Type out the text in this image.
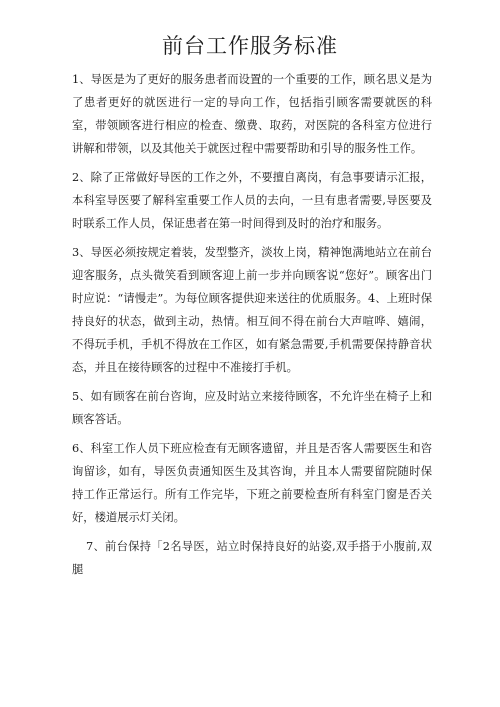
前台工作服务标准

1、导医是为了更好的服务患者而设置的一个重要的工作，顾名思义是为了患者更好的就医进行一定的导向工作，包括指引顾客需要就医的科室，带领顾客进行相应的检查、缴费、取药，对医院的各科室方位进行讲解和带领，以及其他关于就医过程中需要帮助和引导的服务性工作。

2、除了正常做好导医的工作之外，不要擅自离岗，有急事要请示汇报，本科室导医要了解科室重要工作人员的去向，一旦有患者需要,导医要及时联系工作人员，保证患者在第一时间得到及时的治疗和服务。

3、导医必须按规定着装，发型整齐，淡妆上岗，精神饱满地站立在前台迎客服务，点头微笑看到顾客迎上前一步并向顾客说“您好”。顾客出门时应说：“请慢走”。为每位顾客提供迎来送往的优质服务。4、上班时保持良好的状态，做到主动，热情。相互间不得在前台大声喧哗、嬉闹，不得玩手机，手机不得放在工作区，如有紧急需要,手机需要保持静音状态，并且在接待顾客的过程中不准接打手机。

5、如有顾客在前台咨询，应及时站立来接待顾客，不允许坐在椅子上和顾客答话。

6、科室工作人员下班应检查有无顾客遗留，并且是否客人需要医生和咨询留诊，如有，导医负责通知医生及其咨询，并且本人需要留院随时保持工作正常运行。所有工作完毕，下班之前要检查所有科室门窗是否关好，楼道展示灯关闭。

7、前台保持「2名导医，站立时保持良好的站姿,双手搭于小腹前,双腿
